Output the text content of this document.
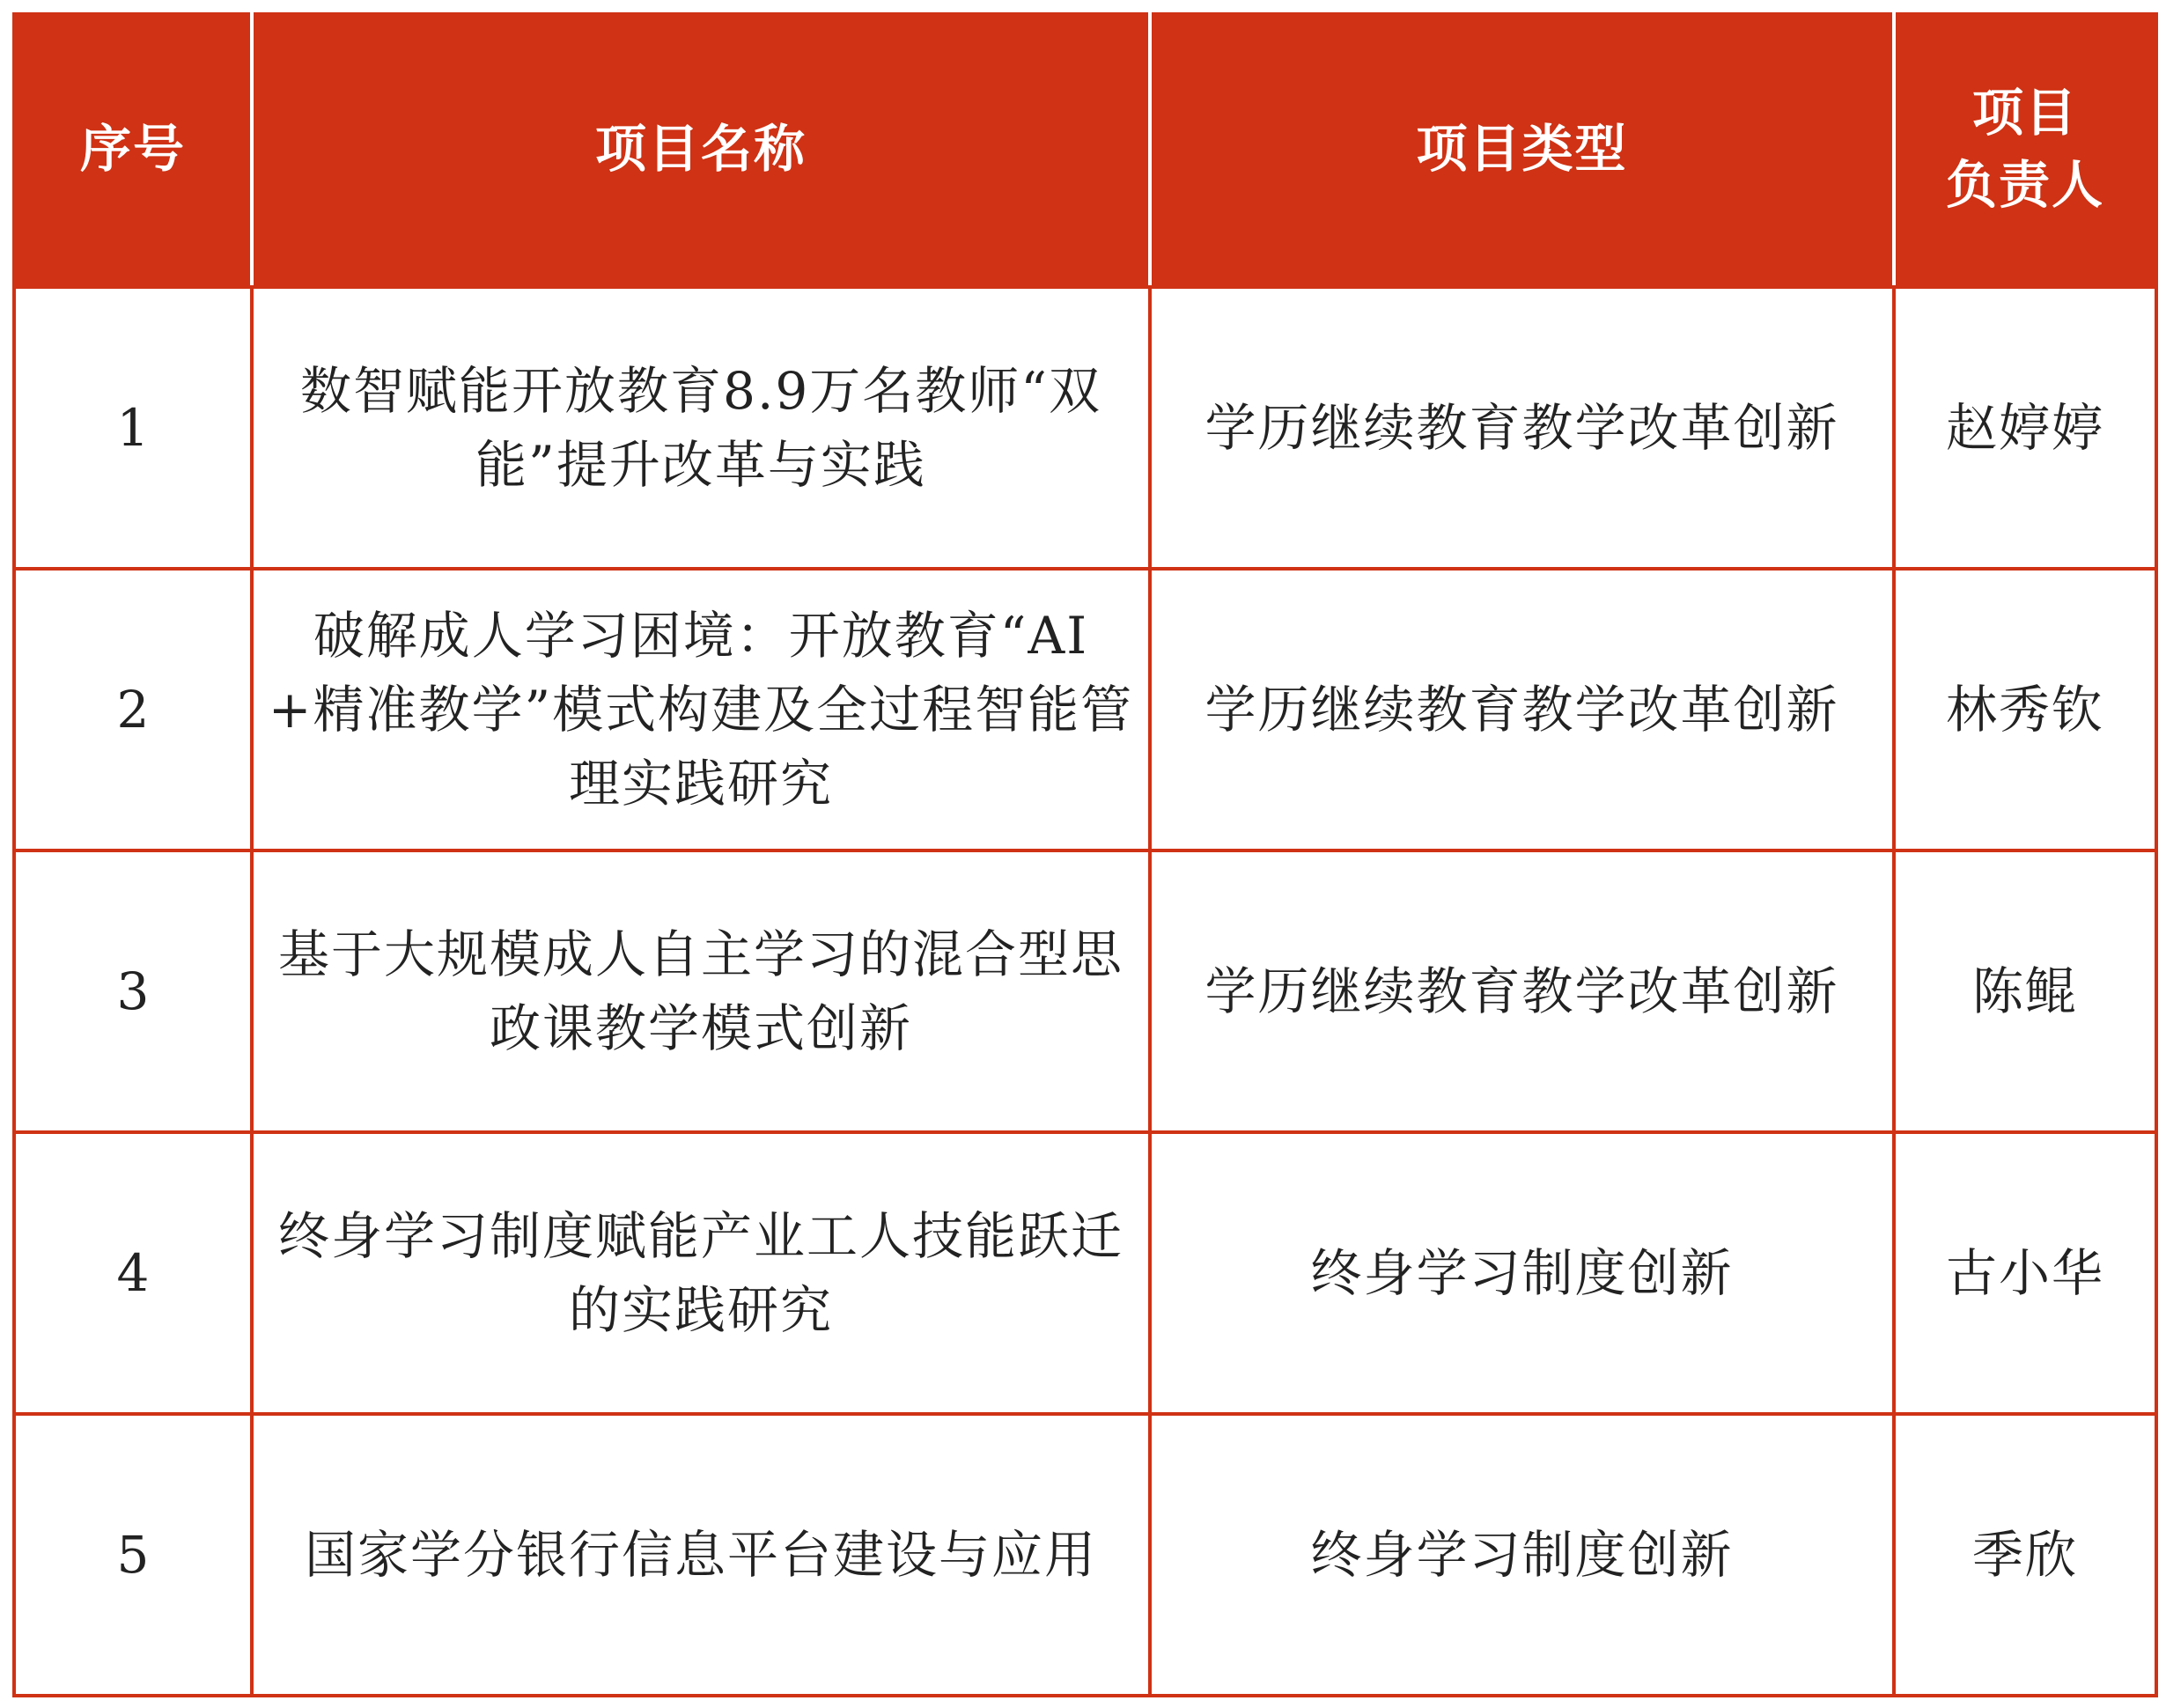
序号	项目名称	项目类型	项目
负责人

1	数智赋能开放教育8.9万名教师“双能”提升改革与实践	学历继续教育教学改革创新	赵婷婷
2	破解成人学习困境：开放教育“AI+精准教学”模式构建及全过程智能管理实践研究	学历继续教育教学改革创新	林秀钦
3	基于大规模成人自主学习的混合型思政课教学模式创新	学历继续教育教学改革创新	陈鲲
4	终身学习制度赋能产业工人技能跃迁的实践研究	终身学习制度创新	古小华
5	国家学分银行信息平台建设与应用	终身学习制度创新	季欣
